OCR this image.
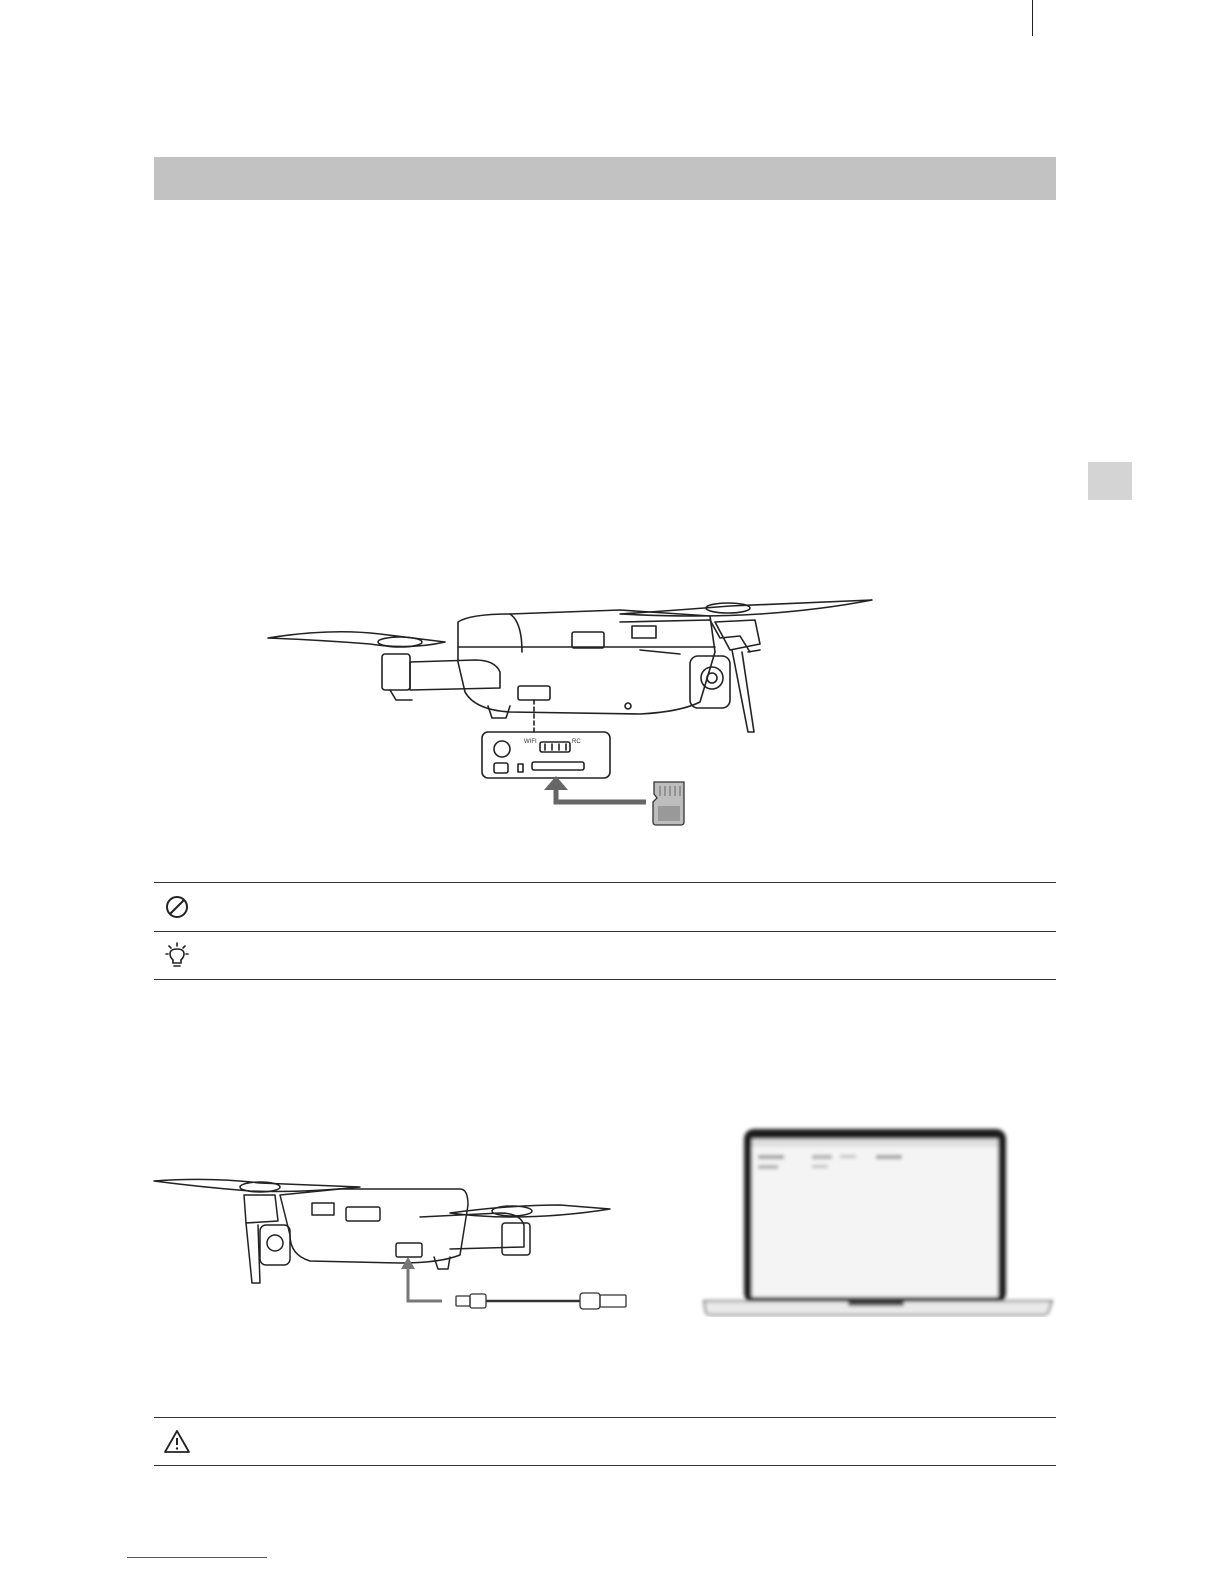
WIFI	RC
